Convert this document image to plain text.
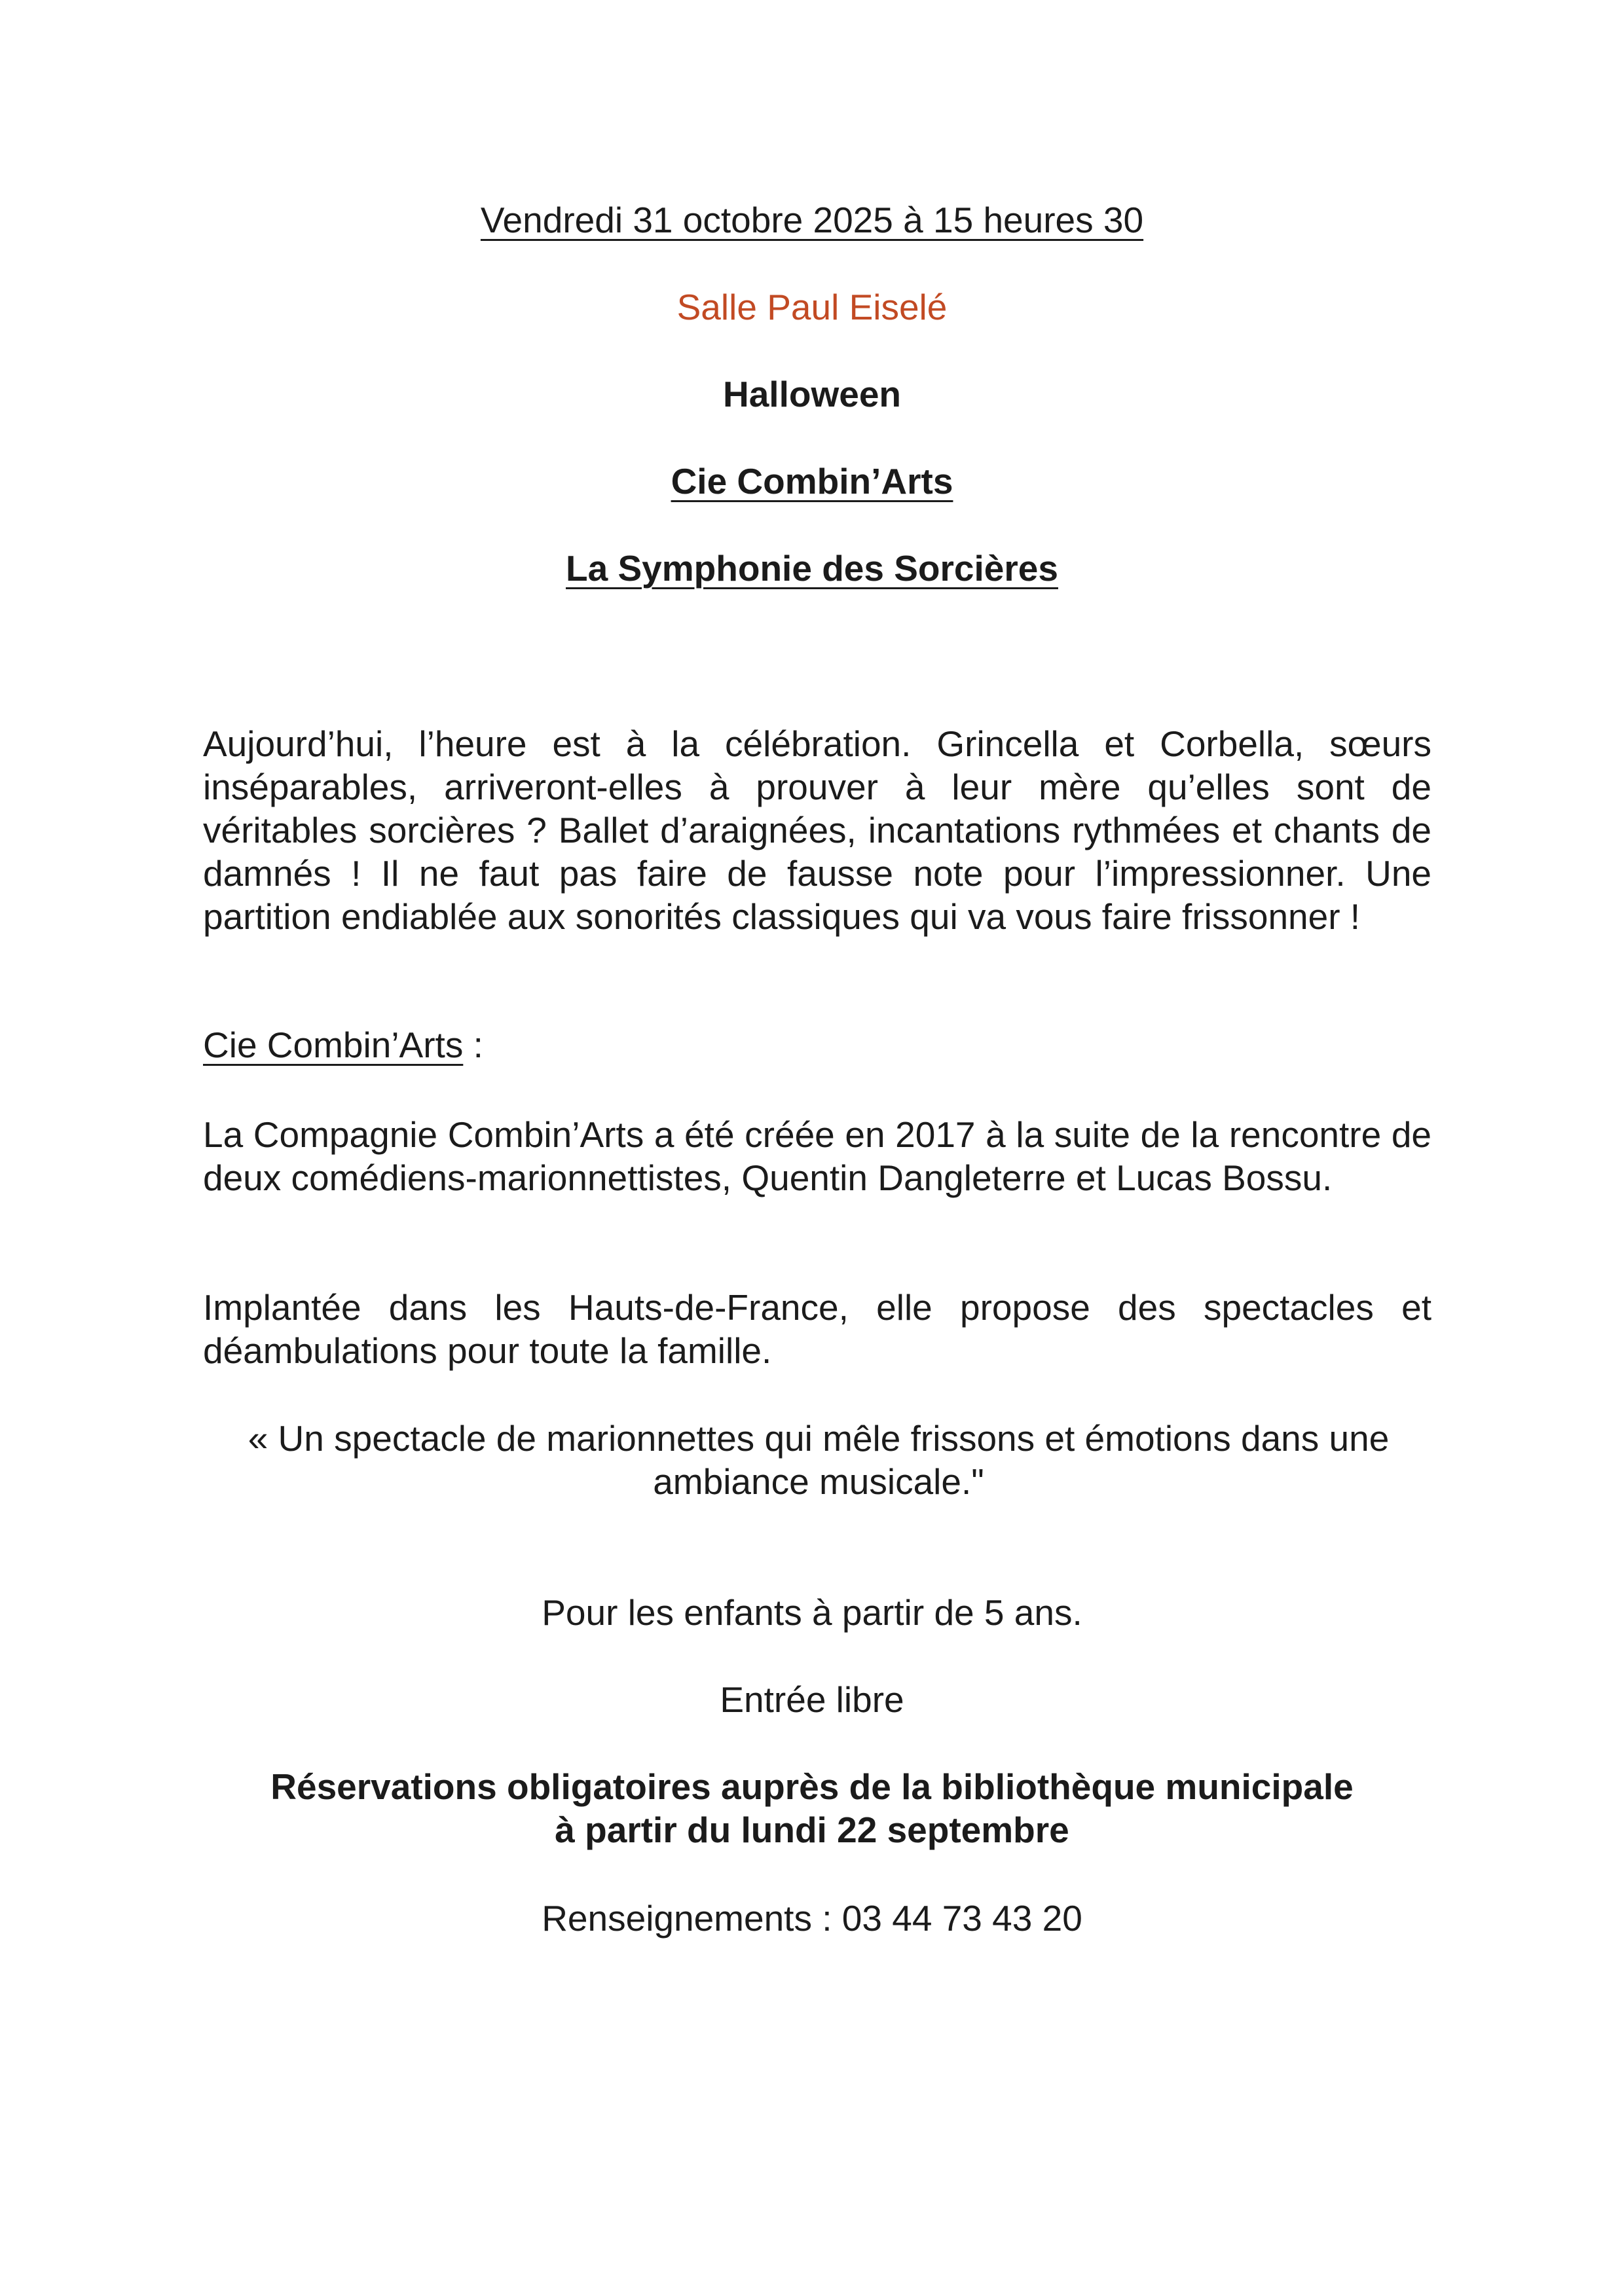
Vendredi 31 octobre 2025 à 15 heures 30
Salle Paul Eiselé
Halloween
Cie Combin’Arts
La Symphonie des Sorcières
Aujourd’hui, l’heure est à la célébration. Grincella et Corbella, sœurs inséparables, arriveront-elles à prouver à leur mère qu’elles sont de véritables sorcières ? Ballet d’araignées, incantations rythmées et chants de damnés ! Il ne faut pas faire de fausse note pour l’impressionner. Une partition endiablée aux sonorités classiques qui va vous faire frissonner !
Cie Combin’Arts :
La Compagnie Combin’Arts a été créée en 2017 à la suite de la rencontre de deux comédiens-marionnettistes, Quentin Dangleterre et Lucas Bossu.
Implantée dans les Hauts-de-France, elle propose des spectacles et déambulations pour toute la famille.
« Un spectacle de marionnettes qui mêle frissons et émotions dans une ambiance musicale."
Pour les enfants à partir de 5 ans.
Entrée libre
Réservations obligatoires auprès de la bibliothèque municipale
à partir du lundi 22 septembre
Renseignements : 03 44 73 43 20
